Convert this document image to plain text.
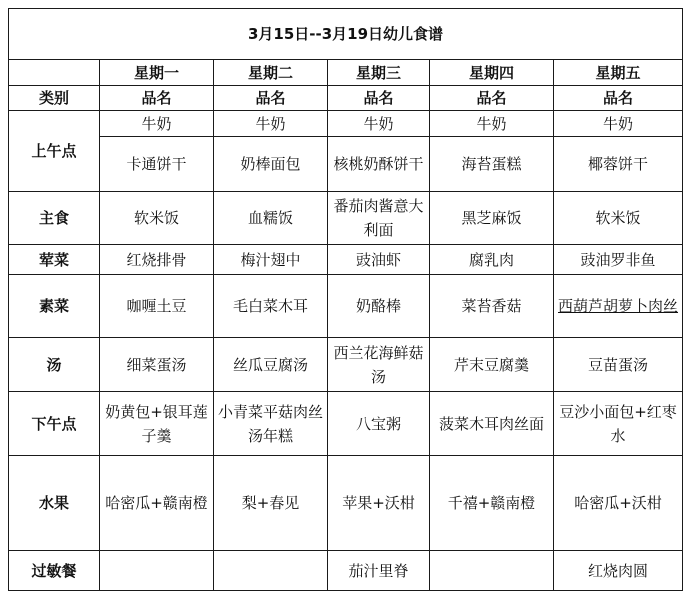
3月15日--3月19日幼儿食谱					
	星期一	星期二	星期三	星期四	星期五
类别	品名	品名	品名	品名	品名
上午点	牛奶	牛奶	牛奶	牛奶	牛奶
	卡通饼干	奶棒面包	核桃奶酥饼干	海苔蛋糕	椰蓉饼干
主食	软米饭	血糯饭	番茄肉酱意大利面	黑芝麻饭	软米饭
荤菜	红烧排骨	梅汁翅中	豉油虾	腐乳肉	豉油罗非鱼
素菜	咖喱土豆	毛白菜木耳	奶酪棒	菜苔香菇	西葫芦胡萝卜肉丝
汤	细菜蛋汤	丝瓜豆腐汤	西兰花海鲜菇汤	芹末豆腐羹	豆苗蛋汤
下午点	奶黄包+银耳莲子羹	小青菜平菇肉丝汤年糕	八宝粥	菠菜木耳肉丝面	豆沙小面包+红枣水
水果	哈密瓜+赣南橙	梨+春见	苹果+沃柑	千禧+赣南橙	哈密瓜+沃柑
过敏餐			茄汁里脊		红烧肉圆
